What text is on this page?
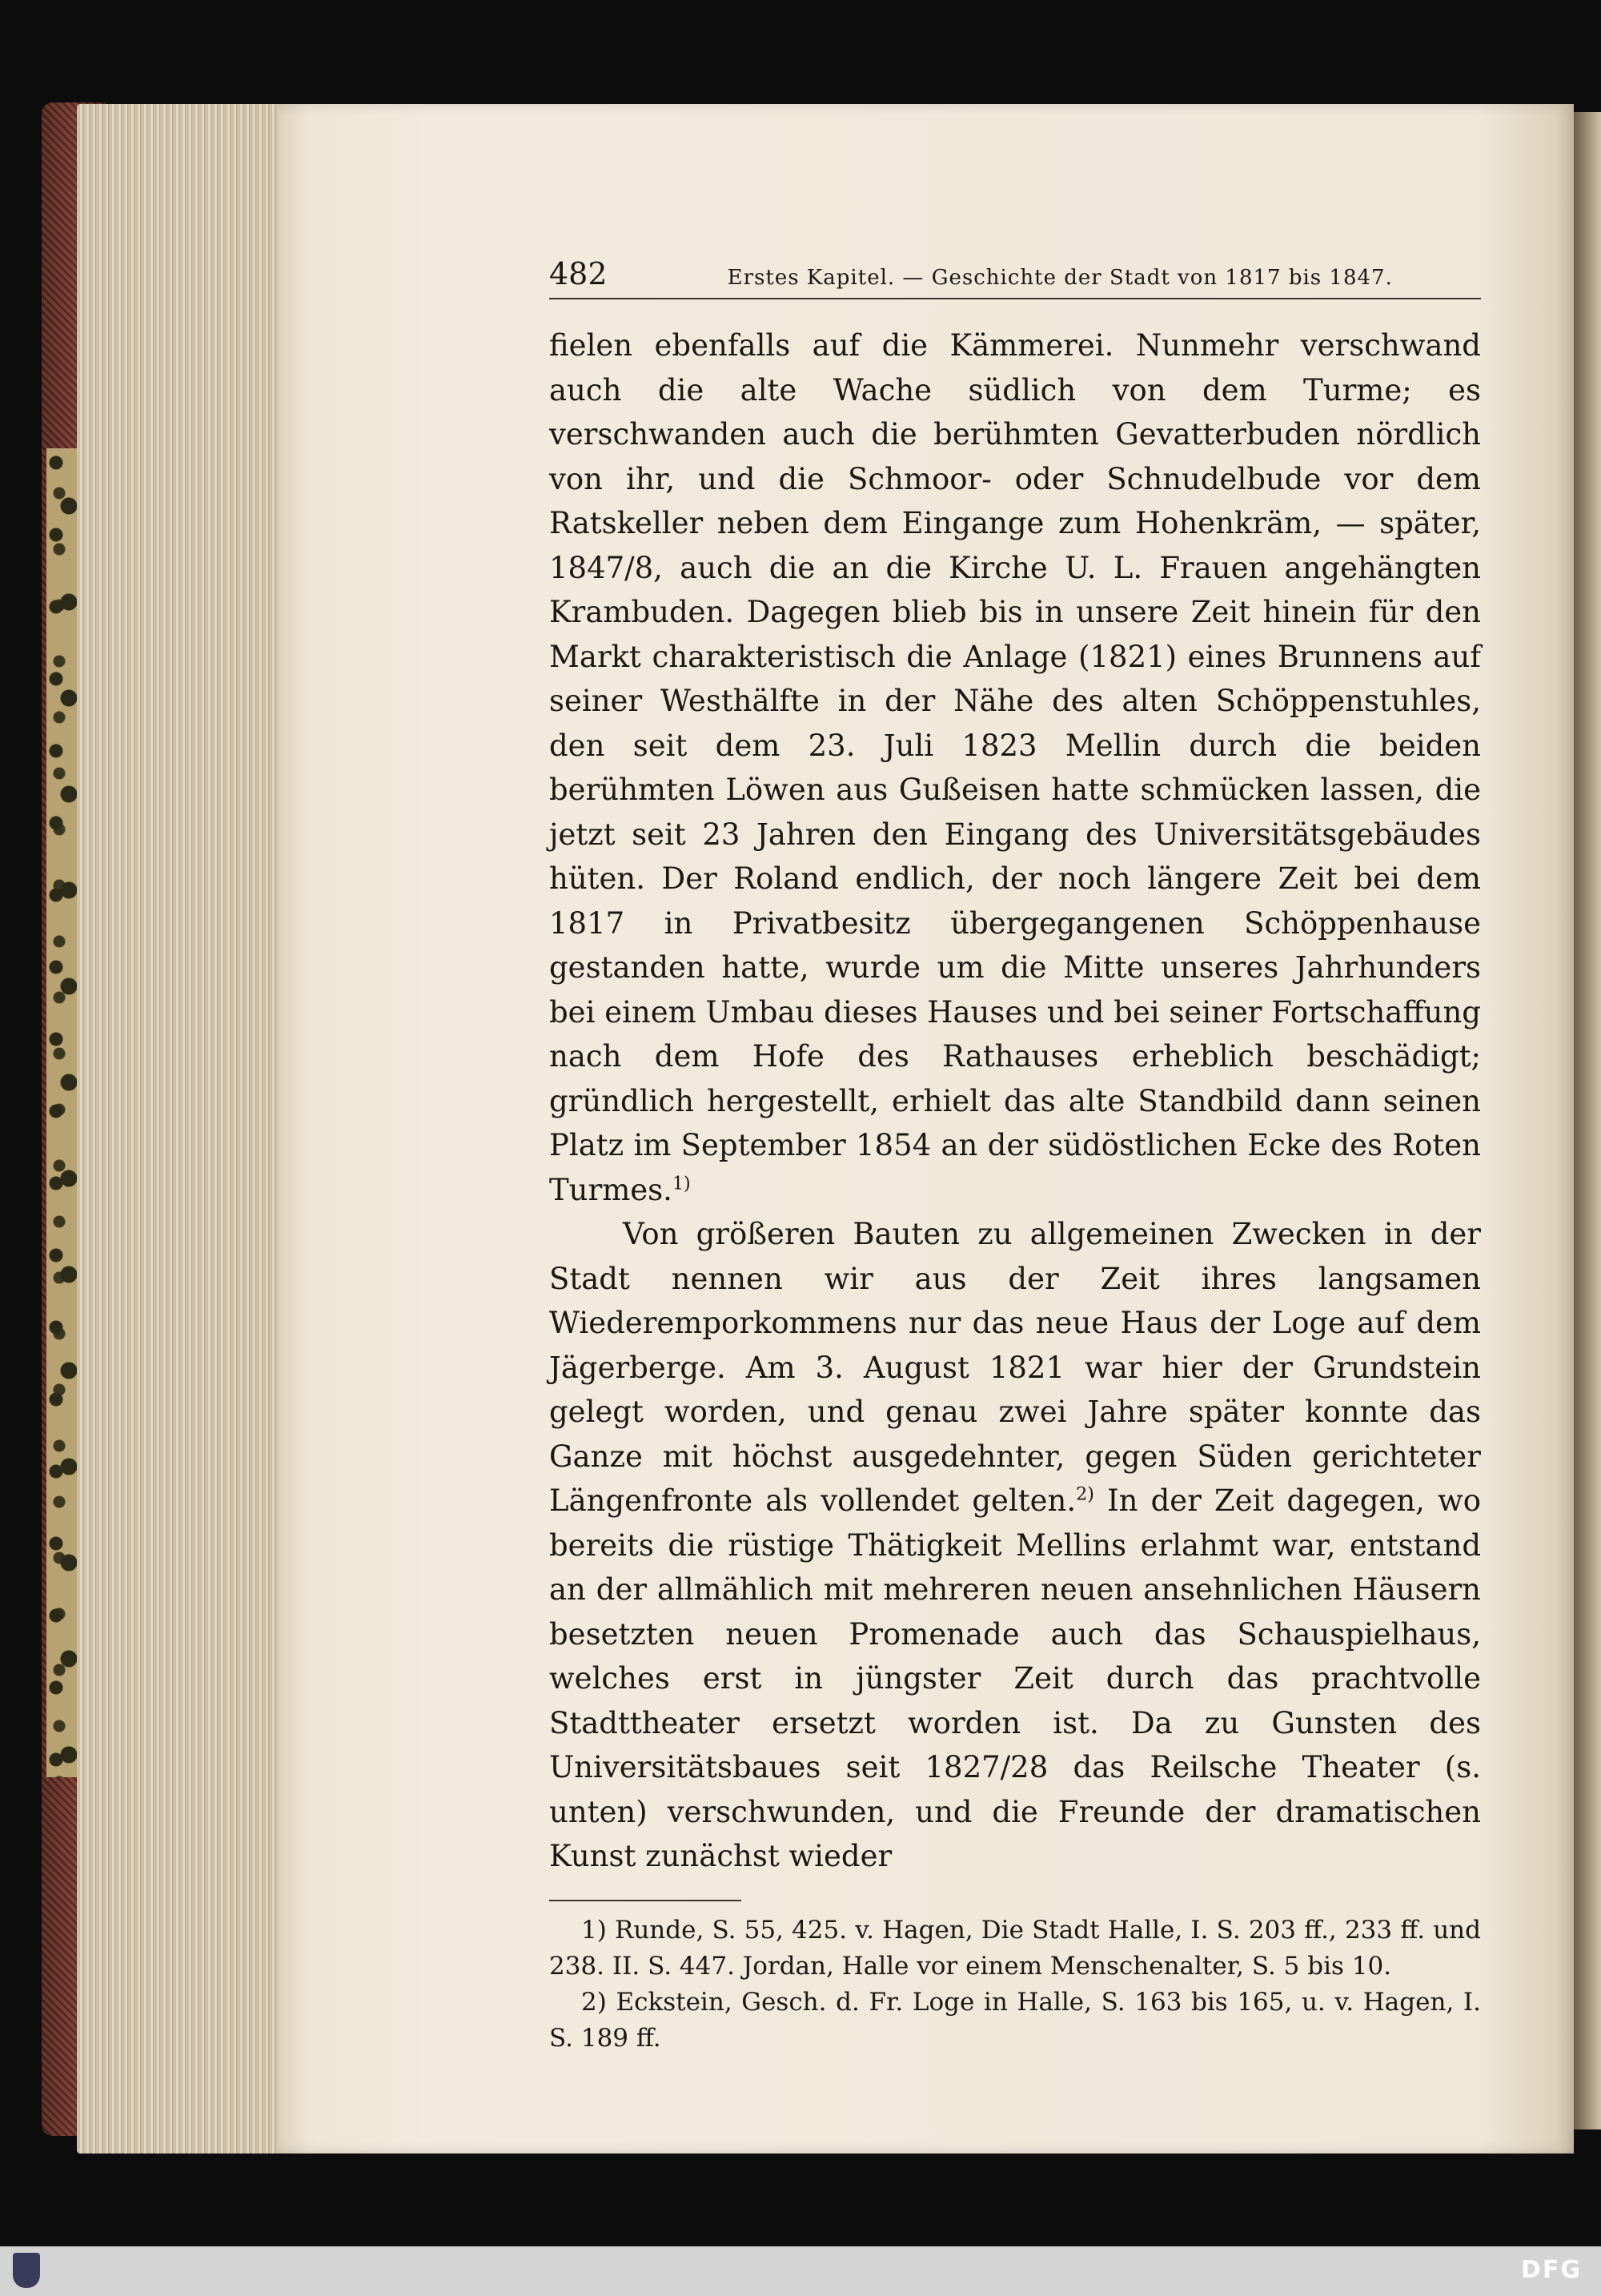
482	Erstes Kapitel. — Geschichte der Stadt von 1817 bis 1847.

fielen ebenfalls auf die Kämmerei. Nunmehr verschwand auch die alte Wache südlich von dem Turme; es verschwanden auch die berühmten Gevatterbuden nördlich von ihr, und die Schmoor- oder Schnudelbude vor dem Ratskeller neben dem Eingange zum Hohenkräm, — später, 1847/8, auch die an die Kirche U. L. Frauen angehängten Krambuden. Dagegen blieb bis in unsere Zeit hinein für den Markt charakteristisch die Anlage (1821) eines Brunnens auf seiner Westhälfte in der Nähe des alten Schöppenstuhles, den seit dem 23. Juli 1823 Mellin durch die beiden berühmten Löwen aus Gußeisen hatte schmücken lassen, die jetzt seit 23 Jahren den Eingang des Universitätsgebäudes hüten. Der Roland endlich, der noch längere Zeit bei dem 1817 in Privatbesitz übergegangenen Schöppenhause gestanden hatte, wurde um die Mitte unseres Jahrhunders bei einem Umbau dieses Hauses und bei seiner Fortschaffung nach dem Hofe des Rathauses erheblich beschädigt; gründlich hergestellt, erhielt das alte Standbild dann seinen Platz im September 1854 an der südöstlichen Ecke des Roten Turmes.$^{1)}$

Von größeren Bauten zu allgemeinen Zwecken in der Stadt nennen wir aus der Zeit ihres langsamen Wiederemporkommens nur das neue Haus der Loge auf dem Jägerberge. Am 3. August 1821 war hier der Grundstein gelegt worden, und genau zwei Jahre später konnte das Ganze mit höchst ausgedehnter, gegen Süden gerichteter Längenfronte als vollendet gelten.$^{2)}$ In der Zeit dagegen, wo bereits die rüstige Thätigkeit Mellins erlahmt war, entstand an der allmählich mit mehreren neuen ansehnlichen Häusern besetzten neuen Promenade auch das Schauspielhaus, welches erst in jüngster Zeit durch das prachtvolle Stadttheater ersetzt worden ist. Da zu Gunsten des Universitätsbaues seit 1827/28 das Reilsche Theater (s. unten) verschwunden, und die Freunde der dramatischen Kunst zunächst wieder

1) Runde, S. 55, 425. v. Hagen, Die Stadt Halle, I. S. 203 ff., 233 ff. und 238. II. S. 447. Jordan, Halle vor einem Menschenalter, S. 5 bis 10.

2) Eckstein, Gesch. d. Fr. Loge in Halle, S. 163 bis 165, u. v. Hagen, I. S. 189 ff.

DFG
